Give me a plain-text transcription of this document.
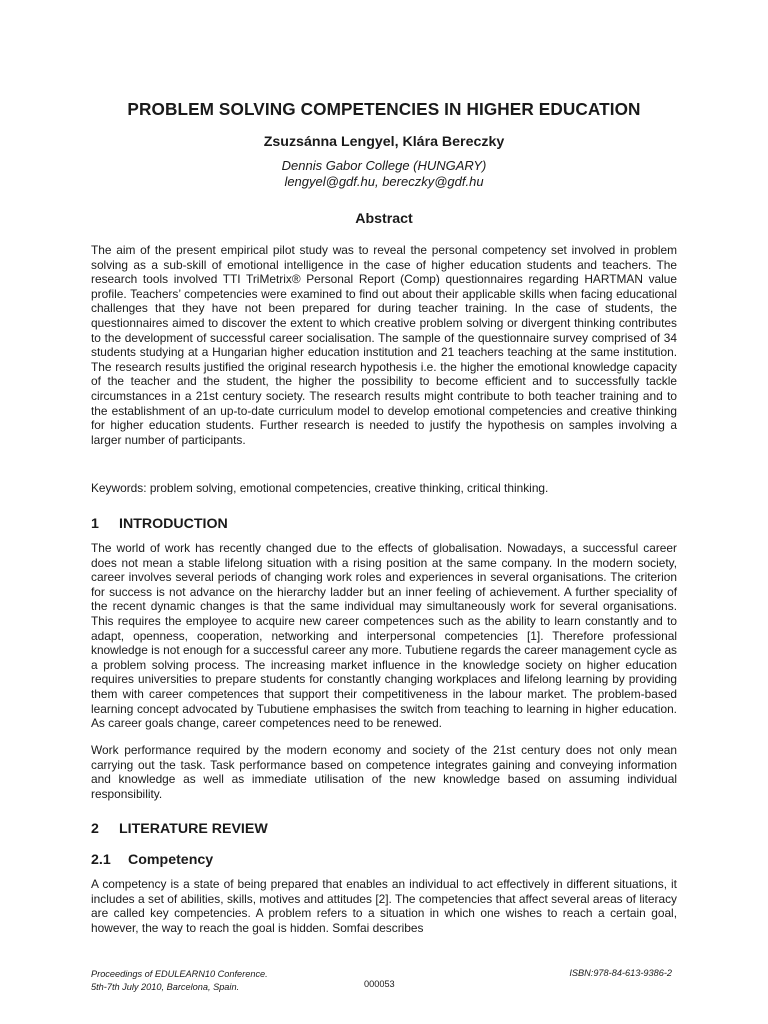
PROBLEM SOLVING COMPETENCIES IN HIGHER EDUCATION
Zsuzsánna Lengyel, Klára Bereczky
Dennis Gabor College (HUNGARY)
lengyel@gdf.hu, bereczky@gdf.hu
Abstract

The aim of the present empirical pilot study was to reveal the personal competency set involved in problem solving as a sub-skill of emotional intelligence in the case of higher education students and teachers. The research tools involved TTI TriMetrix® Personal Report (Comp) questionnaires regarding HARTMAN value profile. Teachers’ competencies were examined to find out about their applicable skills when facing educational challenges that they have not been prepared for during teacher training. In the case of students, the questionnaires aimed to discover the extent to which creative problem solving or divergent thinking contributes to the development of successful career socialisation. The sample of the questionnaire survey comprised of 34 students studying at a Hungarian higher education institution and 21 teachers teaching at the same institution. The research results justified the original research hypothesis i.e. the higher the emotional knowledge capacity of the teacher and the student, the higher the possibility to become efficient and to successfully tackle circumstances in a 21st century society. The research results might contribute to both teacher training and to the establishment of an up-to-date curriculum model to develop emotional competencies and creative thinking for higher education students. Further research is needed to justify the hypothesis on samples involving a larger number of participants.

Keywords: problem solving, emotional competencies, creative thinking, critical thinking.

1 INTRODUCTION

The world of work has recently changed due to the effects of globalisation. Nowadays, a successful career does not mean a stable lifelong situation with a rising position at the same company. In the modern society, career involves several periods of changing work roles and experiences in several organisations. The criterion for success is not advance on the hierarchy ladder but an inner feeling of achievement. A further speciality of the recent dynamic changes is that the same individual may simultaneously work for several organisations. This requires the employee to acquire new career competences such as the ability to learn constantly and to adapt, openness, cooperation, networking and interpersonal competencies [1]. Therefore professional knowledge is not enough for a successful career any more. Tubutiene regards the career management cycle as a problem solving process. The increasing market influence in the knowledge society on higher education requires universities to prepare students for constantly changing workplaces and lifelong learning by providing them with career competences that support their competitiveness in the labour market. The problem-based learning concept advocated by Tubutiene emphasises the switch from teaching to learning in higher education. As career goals change, career competences need to be renewed.

Work performance required by the modern economy and society of the 21st century does not only mean carrying out the task. Task performance based on competence integrates gaining and conveying information and knowledge as well as immediate utilisation of the new knowledge based on assuming individual responsibility.

2 LITERATURE REVIEW
2.1 Competency

A competency is a state of being prepared that enables an individual to act effectively in different situations, it includes a set of abilities, skills, motives and attitudes [2]. The competencies that affect several areas of literacy are called key competencies. A problem refers to a situation in which one wishes to reach a certain goal, however, the way to reach the goal is hidden. Somfai describes

Proceedings of EDULEARN10 Conference.
5th-7th July 2010, Barcelona, Spain.	000053
ISBN:978-84-613-9386-2
